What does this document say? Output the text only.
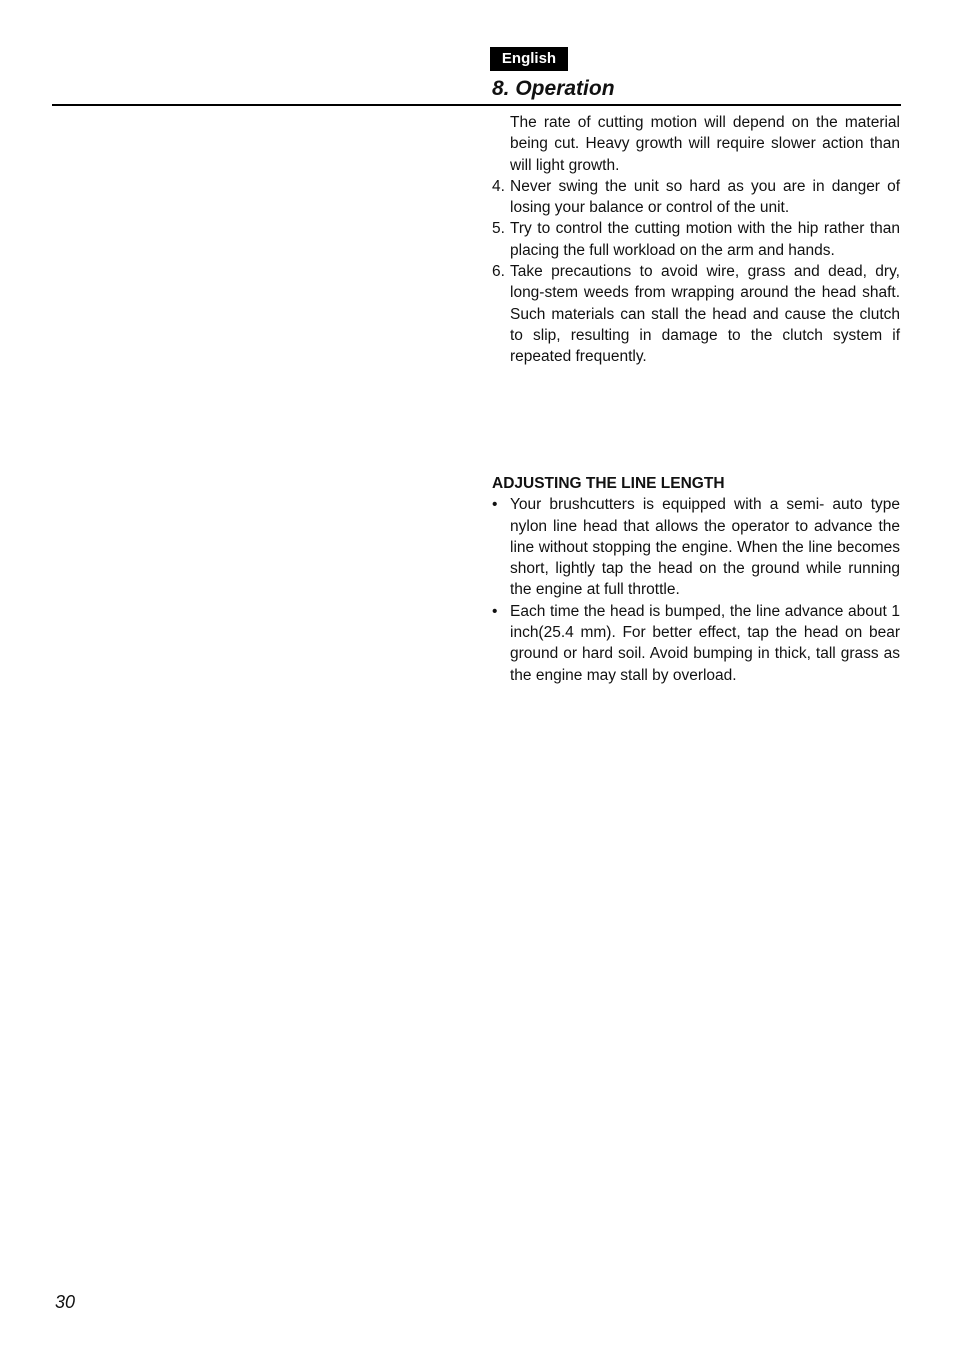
English
8. Operation

The rate of cutting motion will depend on the material being cut. Heavy growth will require slower action than will light growth.

4. Never swing the unit so hard as you are in danger of losing your balance or control of the unit.

5. Try to control the cutting motion with the hip rather than placing the full workload on the arm and hands.

6. Take precautions to avoid wire, grass and dead, dry, long-stem weeds from wrapping around the head shaft. Such materials can stall the head and cause the clutch to slip, resulting in damage to the clutch system if repeated frequently.

ADJUSTING THE LINE LENGTH

• Your brushcutters is equipped with a semi- auto type nylon line head that allows the operator to advance the line without stopping the engine. When the line becomes short, lightly tap the head on the ground while running the engine at full throttle.

• Each time the head is bumped, the line advance about 1 inch(25.4 mm). For better effect, tap the head on bear ground or hard soil. Avoid bumping in thick, tall grass as the engine may stall by overload.

30
